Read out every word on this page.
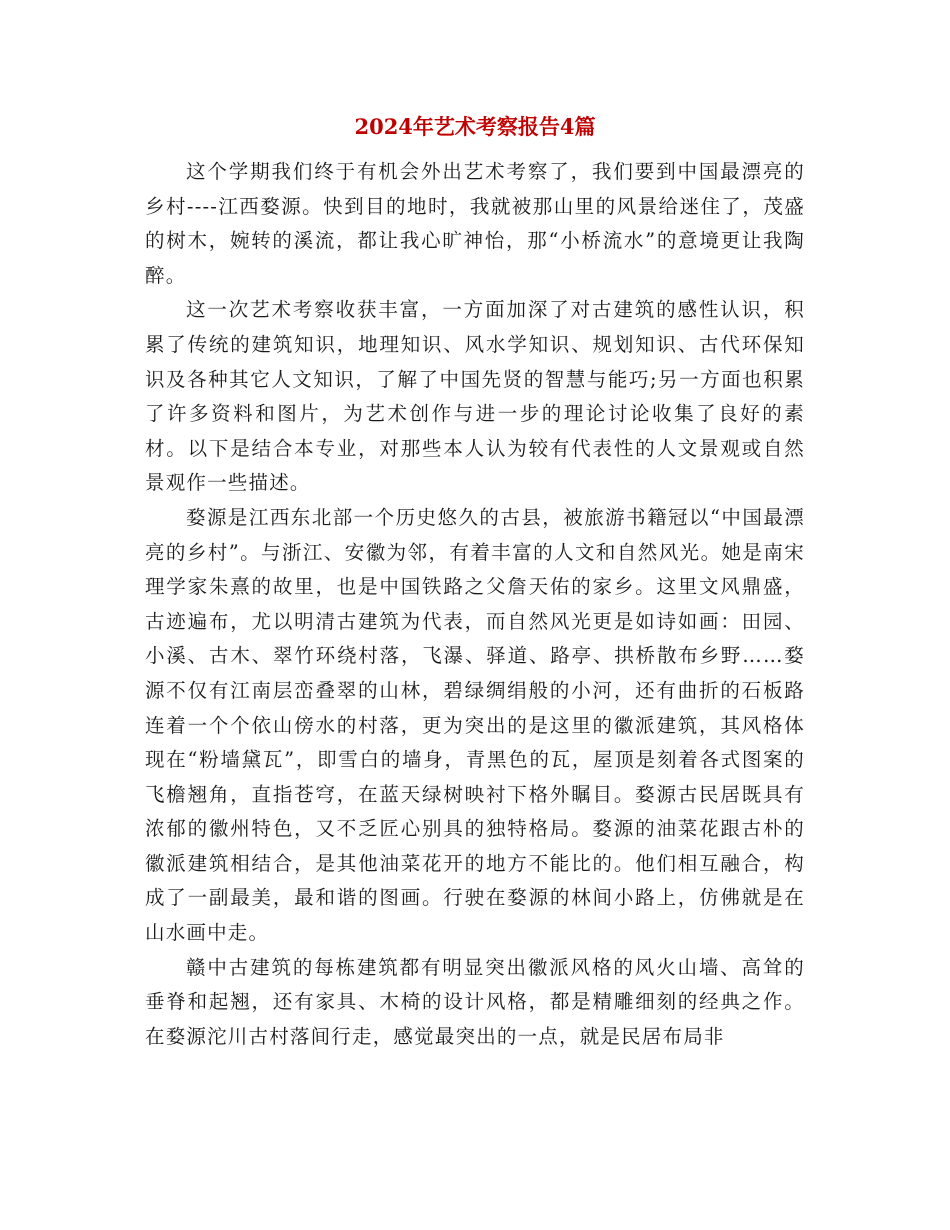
2024年艺术考察报告4篇

这个学期我们终于有机会外出艺术考察了，我们要到中国最漂亮的乡村----江西婺源。快到目的地时，我就被那山里的风景给迷住了，茂盛的树木，婉转的溪流，都让我心旷神怡，那“小桥流水”的意境更让我陶醉。

这一次艺术考察收获丰富，一方面加深了对古建筑的感性认识，积累了传统的建筑知识，地理知识、风水学知识、规划知识、古代环保知识及各种其它人文知识，了解了中国先贤的智慧与能巧;另一方面也积累了许多资料和图片，为艺术创作与进一步的理论讨论收集了良好的素材。以下是结合本专业，对那些本人认为较有代表性的人文景观或自然景观作一些描述。

婺源是江西东北部一个历史悠久的古县，被旅游书籍冠以“中国最漂亮的乡村”。与浙江、安徽为邻，有着丰富的人文和自然风光。她是南宋理学家朱熹的故里，也是中国铁路之父詹天佑的家乡。这里文风鼎盛，古迹遍布，尤以明清古建筑为代表，而自然风光更是如诗如画：田园、小溪、古木、翠竹环绕村落，飞瀑、驿道、路亭、拱桥散布乡野……婺源不仅有江南层峦叠翠的山林，碧绿绸绢般的小河，还有曲折的石板路连着一个个依山傍水的村落，更为突出的是这里的徽派建筑，其风格体现在“粉墙黛瓦”，即雪白的墙身，青黑色的瓦，屋顶是刻着各式图案的飞檐翘角，直指苍穹，在蓝天绿树映衬下格外瞩目。婺源古民居既具有浓郁的徽州特色，又不乏匠心别具的独特格局。婺源的油菜花跟古朴的徽派建筑相结合，是其他油菜花开的地方不能比的。他们相互融合，构成了一副最美，最和谐的图画。行驶在婺源的林间小路上，仿佛就是在山水画中走。

赣中古建筑的每栋建筑都有明显突出徽派风格的风火山墙、高耸的垂脊和起翘，还有家具、木椅的设计风格，都是精雕细刻的经典之作。在婺源沱川古村落间行走，感觉最突出的一点，就是民居布局非
